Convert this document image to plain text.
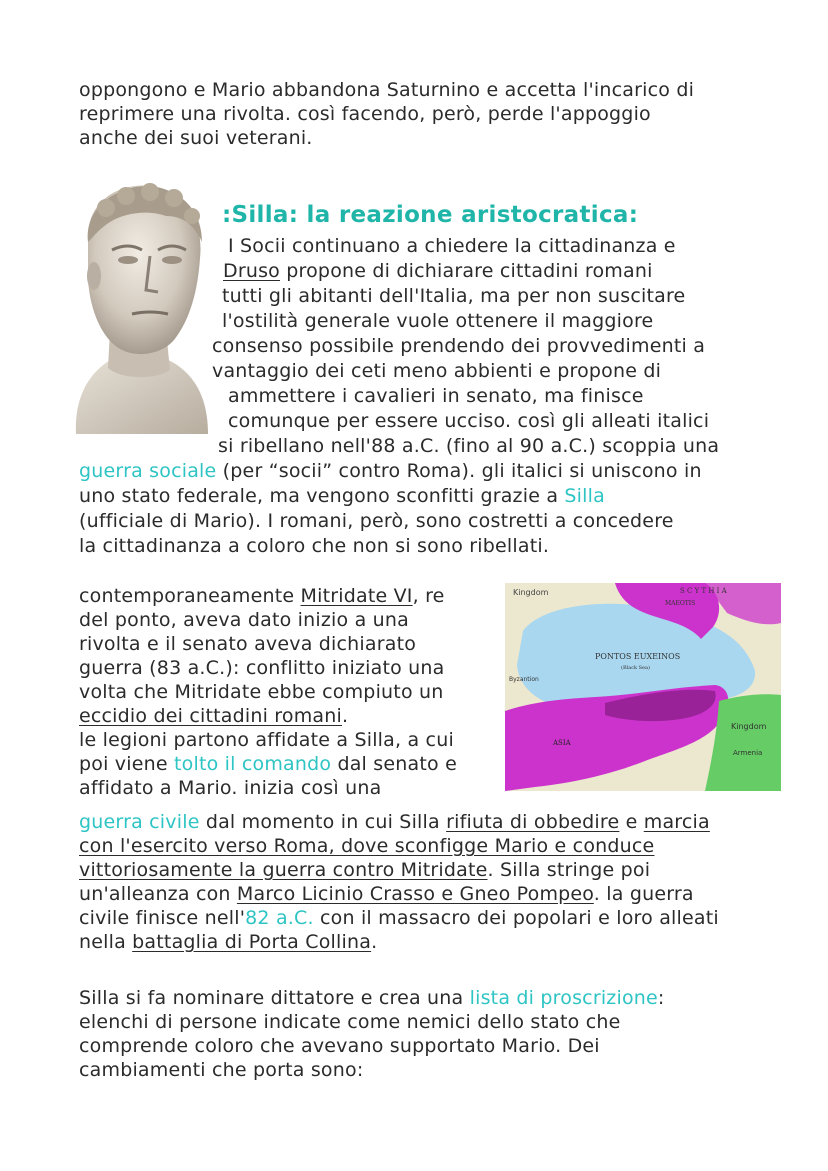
oppongono e Mario abbandona Saturnino e accetta l'incarico di
reprimere una rivolta. così facendo, però, perde l'appoggio
anche dei suoi veterani.
:Silla: la reazione aristocratica:
I Socii continuano a chiedere la cittadinanza e
Druso propone di dichiarare cittadini romani
tutti gli abitanti dell'Italia, ma per non suscitare
l'ostilità generale vuole ottenere il maggiore
consenso possibile prendendo dei provvedimenti a
vantaggio dei ceti meno abbienti e propone di
ammettere i cavalieri in senato, ma finisce
comunque per essere ucciso. così gli alleati italici
si ribellano nell'88 a.C. (fino al 90 a.C.) scoppia una
guerra sociale (per “socii” contro Roma). gli italici si uniscono in
uno stato federale, ma vengono sconfitti grazie a Silla
(ufficiale di Mario). I romani, però, sono costretti a concedere
la cittadinanza a coloro che non si sono ribellati.
contemporaneamente Mitridate VI, re
del ponto, aveva dato inizio a una
rivolta e il senato aveva dichiarato
guerra (83 a.C.): conflitto iniziato una
volta che Mitridate ebbe compiuto un
eccidio dei cittadini romani.
le legioni partono affidate a Silla, a cui
poi viene tolto il comando dal senato e
affidato a Mario. inizia così una
Kingdom	S C Y T H I A
MAEOTIS
PONTOS EUXEINOS
(Black Sea)
Byzantion
ASIA
Kingdom
Armenia
guerra civile dal momento in cui Silla rifiuta di obbedire e marcia
con l'esercito verso Roma, dove sconfigge Mario e conduce
vittoriosamente la guerra contro Mitridate. Silla stringe poi
un'alleanza con Marco Licinio Crasso e Gneo Pompeo. la guerra
civile finisce nell'82 a.C. con il massacro dei popolari e loro alleati
nella battaglia di Porta Collina.
Silla si fa nominare dittatore e crea una lista di proscrizione:
elenchi di persone indicate come nemici dello stato che
comprende coloro che avevano supportato Mario. Dei
cambiamenti che porta sono:
